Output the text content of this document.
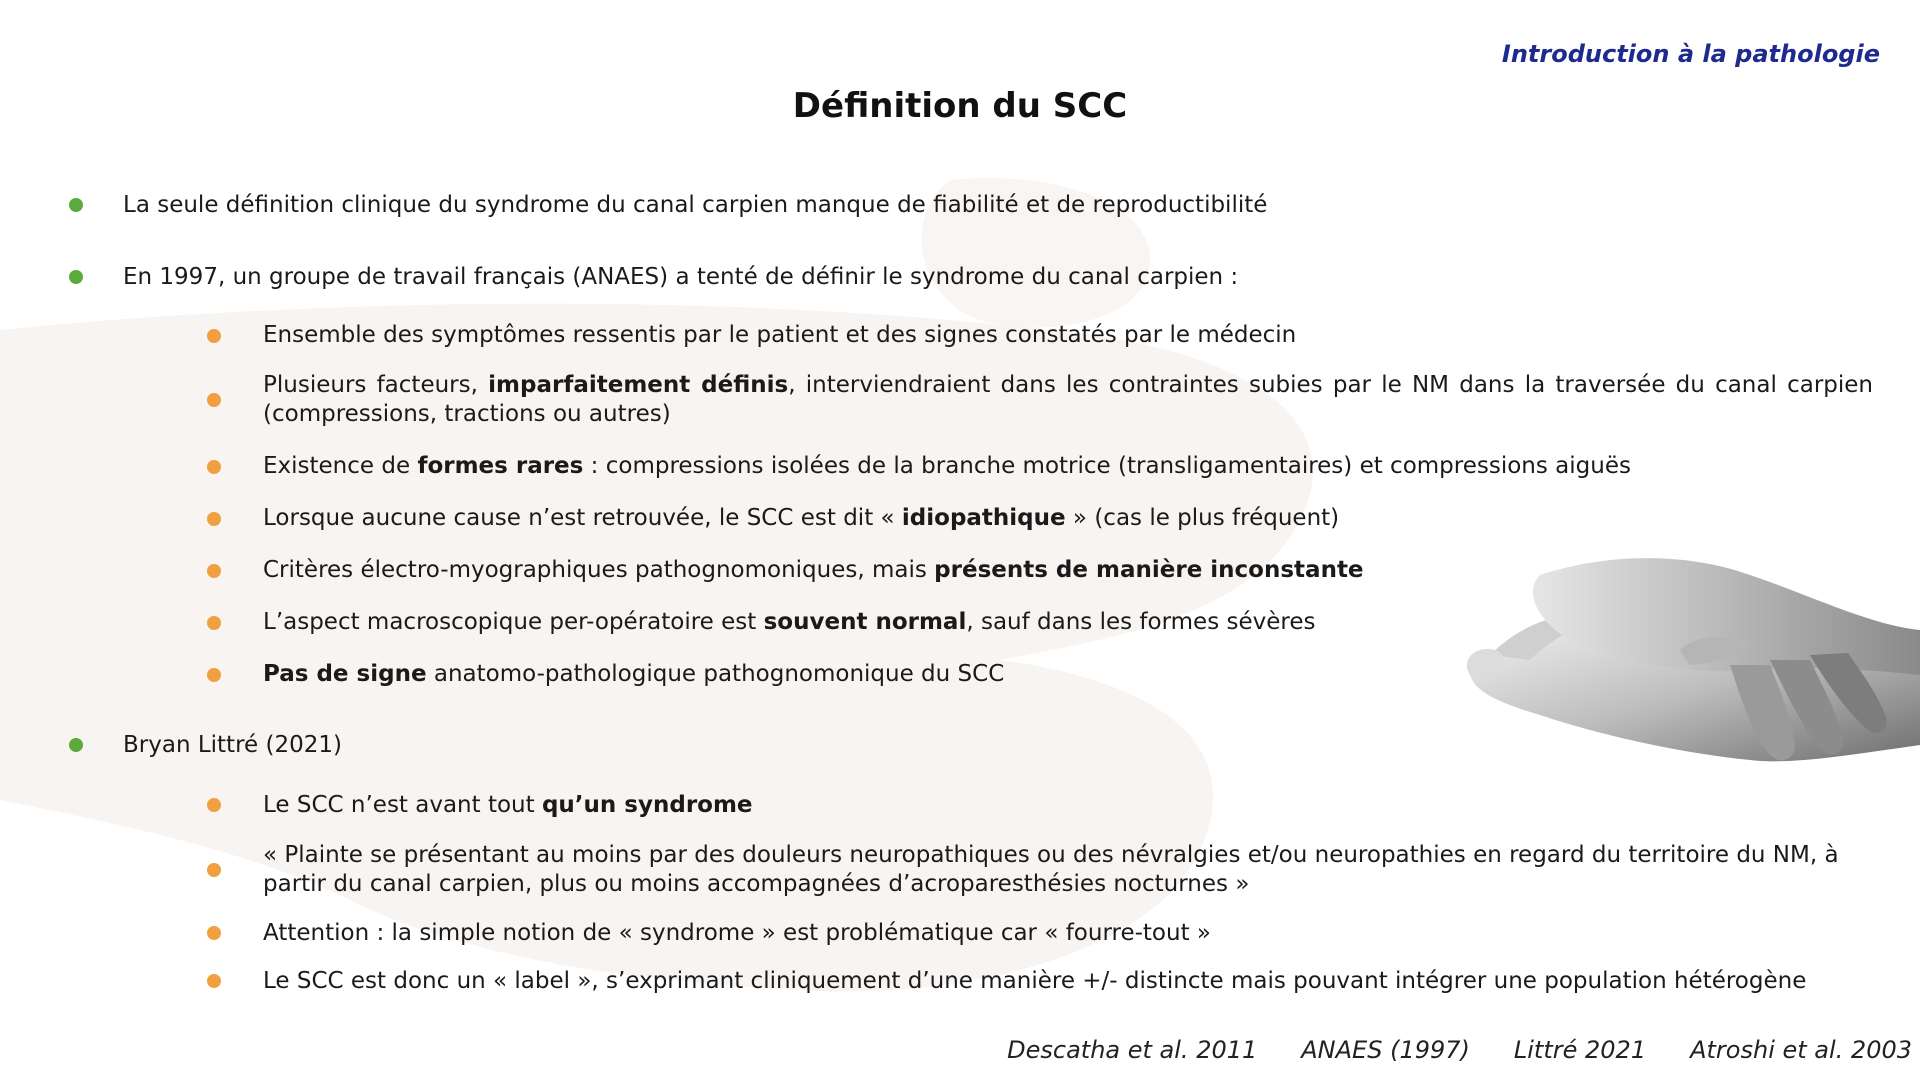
Introduction à la pathologie
Définition du SCC
La seule définition clinique du syndrome du canal carpien manque de fiabilité et de reproductibilité
En 1997, un groupe de travail français (ANAES) a tenté de définir le syndrome du canal carpien :
Ensemble des symptômes ressentis par le patient et des signes constatés par le médecin
Plusieurs facteurs, imparfaitement définis, interviendraient dans les contraintes subies par le NM dans la traversée du canal carpien (compressions, tractions ou autres)
Existence de formes rares : compressions isolées de la branche motrice (transligamentaires) et compressions aiguës
Lorsque aucune cause n’est retrouvée, le SCC est dit « idiopathique » (cas le plus fréquent)
Critères électro-myographiques pathognomoniques, mais présents de manière inconstante
L’aspect macroscopique per-opératoire est souvent normal, sauf dans les formes sévères
Pas de signe anatomo-pathologique pathognomonique du SCC
Bryan Littré (2021)
Le SCC n’est avant tout qu’un syndrome
« Plainte se présentant au moins par des douleurs neuropathiques ou des névralgies et/ou neuropathies en regard du territoire du NM, à partir du canal carpien, plus ou moins accompagnées d’acroparesthésies nocturnes »
Attention : la simple notion de « syndrome » est problématique car « fourre-tout »
Le SCC est donc un « label », s’exprimant cliniquement d’une manière +/- distincte mais pouvant intégrer une population hétérogène
Descatha et al. 2011 ANAES (1997) Littré 2021 Atroshi et al. 2003
